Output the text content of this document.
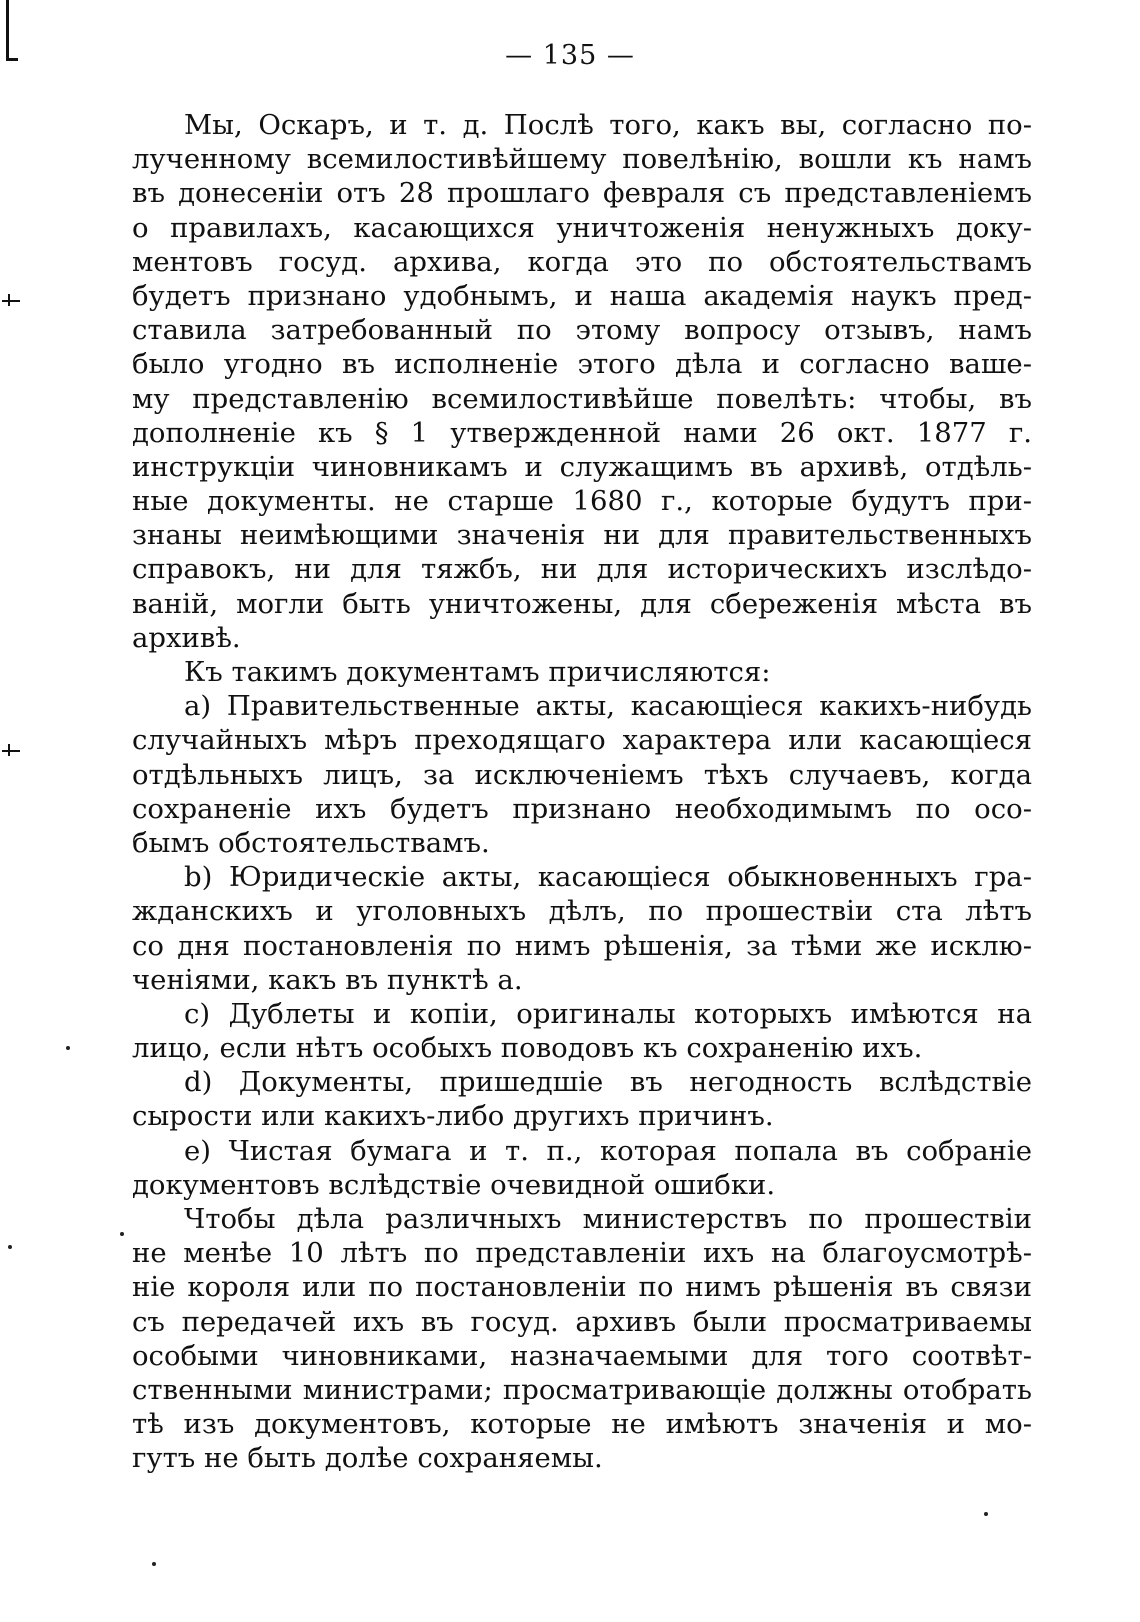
— 135 —
Мы, Оскаръ, и т. д. Послѣ того, какъ вы, согласно по-
лученному всемилостивѣйшему повелѣнію, вошли къ намъ
въ донесеніи отъ 28 прошлаго февраля съ представленіемъ
о правилахъ, касающихся уничтоженія ненужныхъ доку-
ментовъ госуд. архива, когда это по обстоятельствамъ
будетъ признано удобнымъ, и наша академія наукъ пред-
ставила затребованный по этому вопросу отзывъ, намъ
было угодно въ исполненіе этого дѣла и согласно ваше-
му представленію всемилостивѣйше повелѣть: чтобы, въ
дополненіе къ § 1 утвержденной нами 26 окт. 1877 г.
инструкціи чиновникамъ и служащимъ въ архивѣ, отдѣль-
ные документы. не старше 1680 г., которые будутъ при-
знаны неимѣющими значенія ни для правительственныхъ
справокъ, ни для тяжбъ, ни для историческихъ изслѣдо-
ваній, могли быть уничтожены, для сбереженія мѣста въ
архивѣ.
Къ такимъ документамъ причисляются:
a) Правительственные акты, касающіеся какихъ-нибудь
случайныхъ мѣръ преходящаго характера или касающіеся
отдѣльныхъ лицъ, за исключеніемъ тѣхъ случаевъ, когда
сохраненіе ихъ будетъ признано необходимымъ по осо-
бымъ обстоятельствамъ.
b) Юридическіе акты, касающіеся обыкновенныхъ гра-
жданскихъ и уголовныхъ дѣлъ, по прошествіи ста лѣтъ
со дня постановленія по нимъ рѣшенія, за тѣми же исклю-
ченіями, какъ въ пунктѣ a.
c) Дублеты и копіи, оригиналы которыхъ имѣются на
лицо, если нѣтъ особыхъ поводовъ къ сохраненію ихъ.
d) Документы, пришедшіе въ негодность вслѣдствіе
сырости или какихъ-либо другихъ причинъ.
e) Чистая бумага и т. п., которая попала въ собраніе
документовъ вслѣдствіе очевидной ошибки.
Чтобы дѣла различныхъ министерствъ по прошествіи
не менѣе 10 лѣтъ по представленіи ихъ на благоусмотрѣ-
ніе короля или по постановленіи по нимъ рѣшенія въ связи
съ передачей ихъ въ госуд. архивъ были просматриваемы
особыми чиновниками, назначаемыми для того соотвѣт-
ственными министрами; просматривающіе должны отобрать
тѣ изъ документовъ, которые не имѣютъ значенія и мо-
гутъ не быть долѣе сохраняемы.
